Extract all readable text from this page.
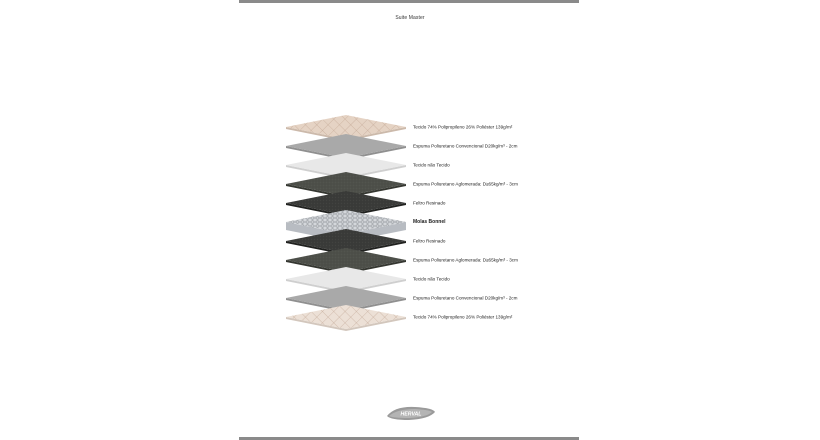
Suite Master
Tecido 74% Polipropileno 26% Poliéster 139g/m²
Espuma Poliuretano Convencional D20kg/m³ - 2cm
Tecido não Tecido
Espuma Poliuretano Aglomerada: D≥65kg/m³ - 3cm
Feltro Resinado
Molas Bonnel
Feltro Resinado
Espuma Poliuretano Aglomerada: D≥65kg/m³ - 3cm
Tecido não Tecido
Espuma Poliuretano Convencional D20kg/m³ - 2cm
Tecido 74% Polipropileno 26% Poliéster 139g/m²
HERVAL
